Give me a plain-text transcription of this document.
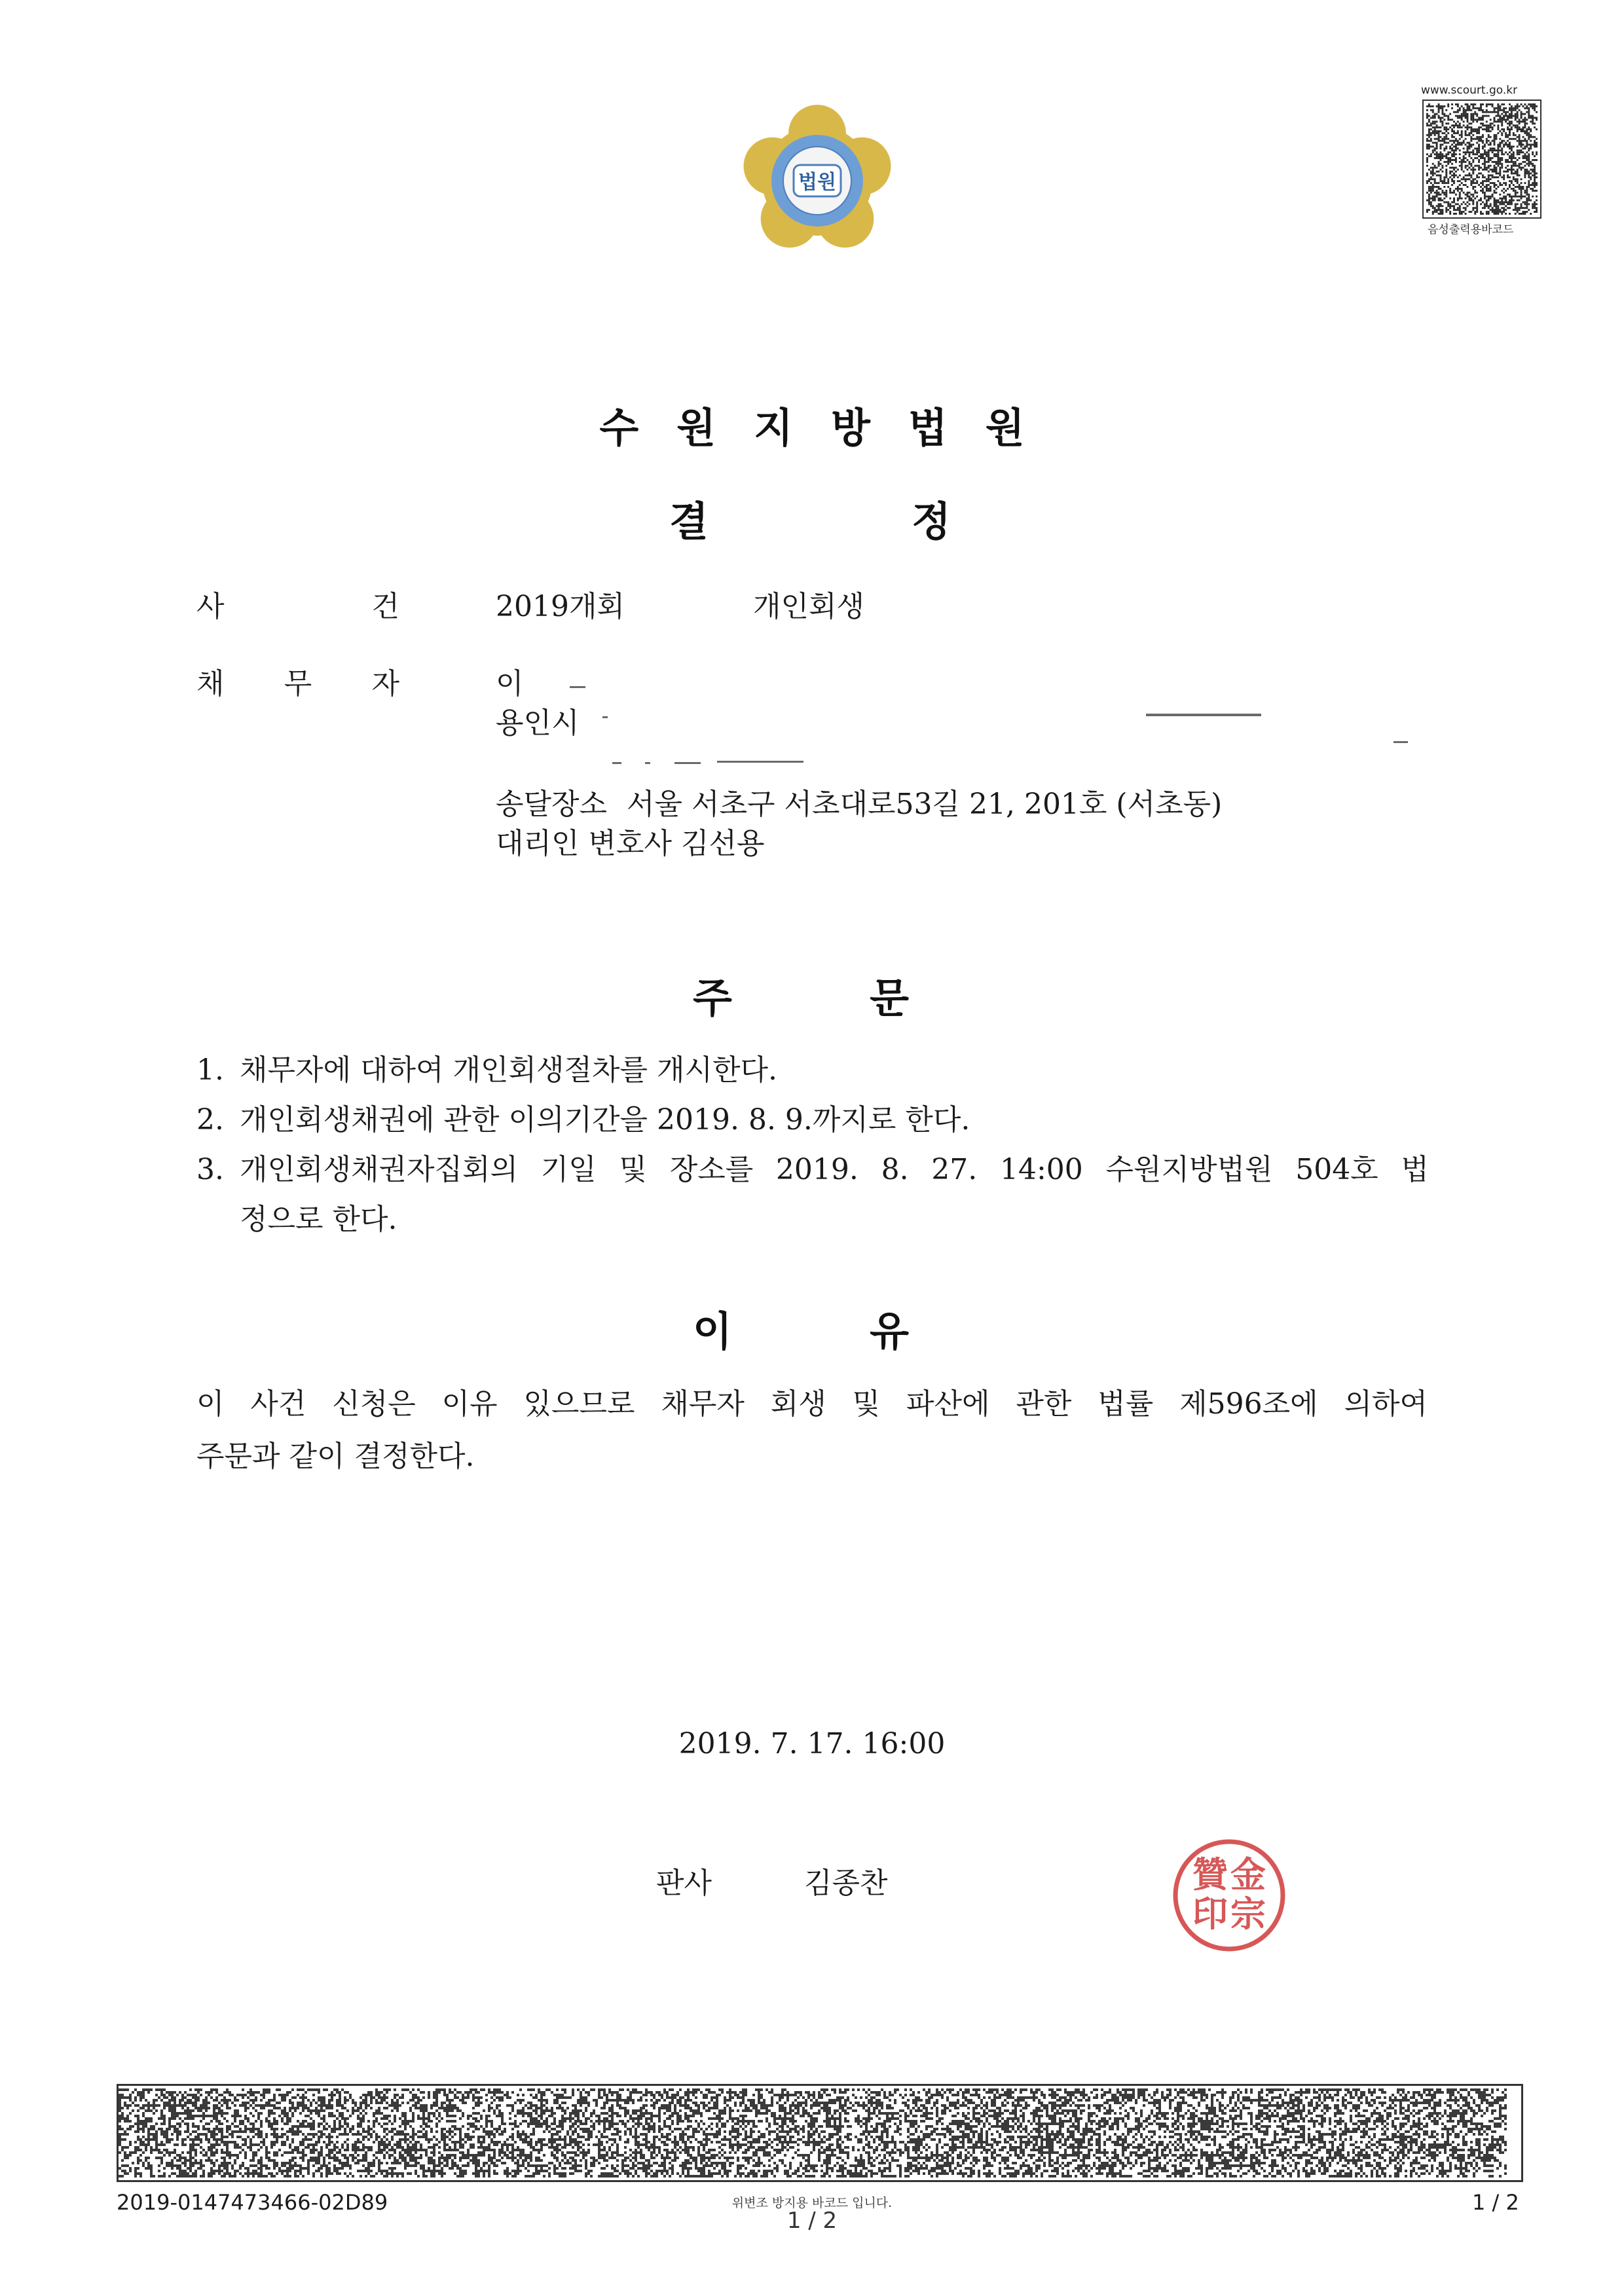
법원
www.scourt.go.kr
음성출력용바코드
수원지방법원
결	정
사	건	2019개회	개인회생
채 무 자	이
용인시
송달장소 서울 서초구 서초대로53길 21, 201호 (서초동)
대리인 변호사 김선용
주	문
1. 채무자에 대하여 개인회생절차를 개시한다.
2. 개인회생채권에 관한 이의기간을 2019. 8. 9.까지로 한다.
3. 개인회생채권자집회의 기일 및 장소를 2019. 8. 27. 14:00 수원지방법원 504호 법
정으로 한다.
이	유
이 사건 신청은 이유 있으므로 채무자 회생 및 파산에 관한 법률 제596조에 의하여
주문과 같이 결정한다.
2019. 7. 17. 16:00
판사	김종찬	金
宗
贊
印
2019-0147473466-02D89	위변조 방지용 바코드 입니다.
1 / 2
1 / 2
